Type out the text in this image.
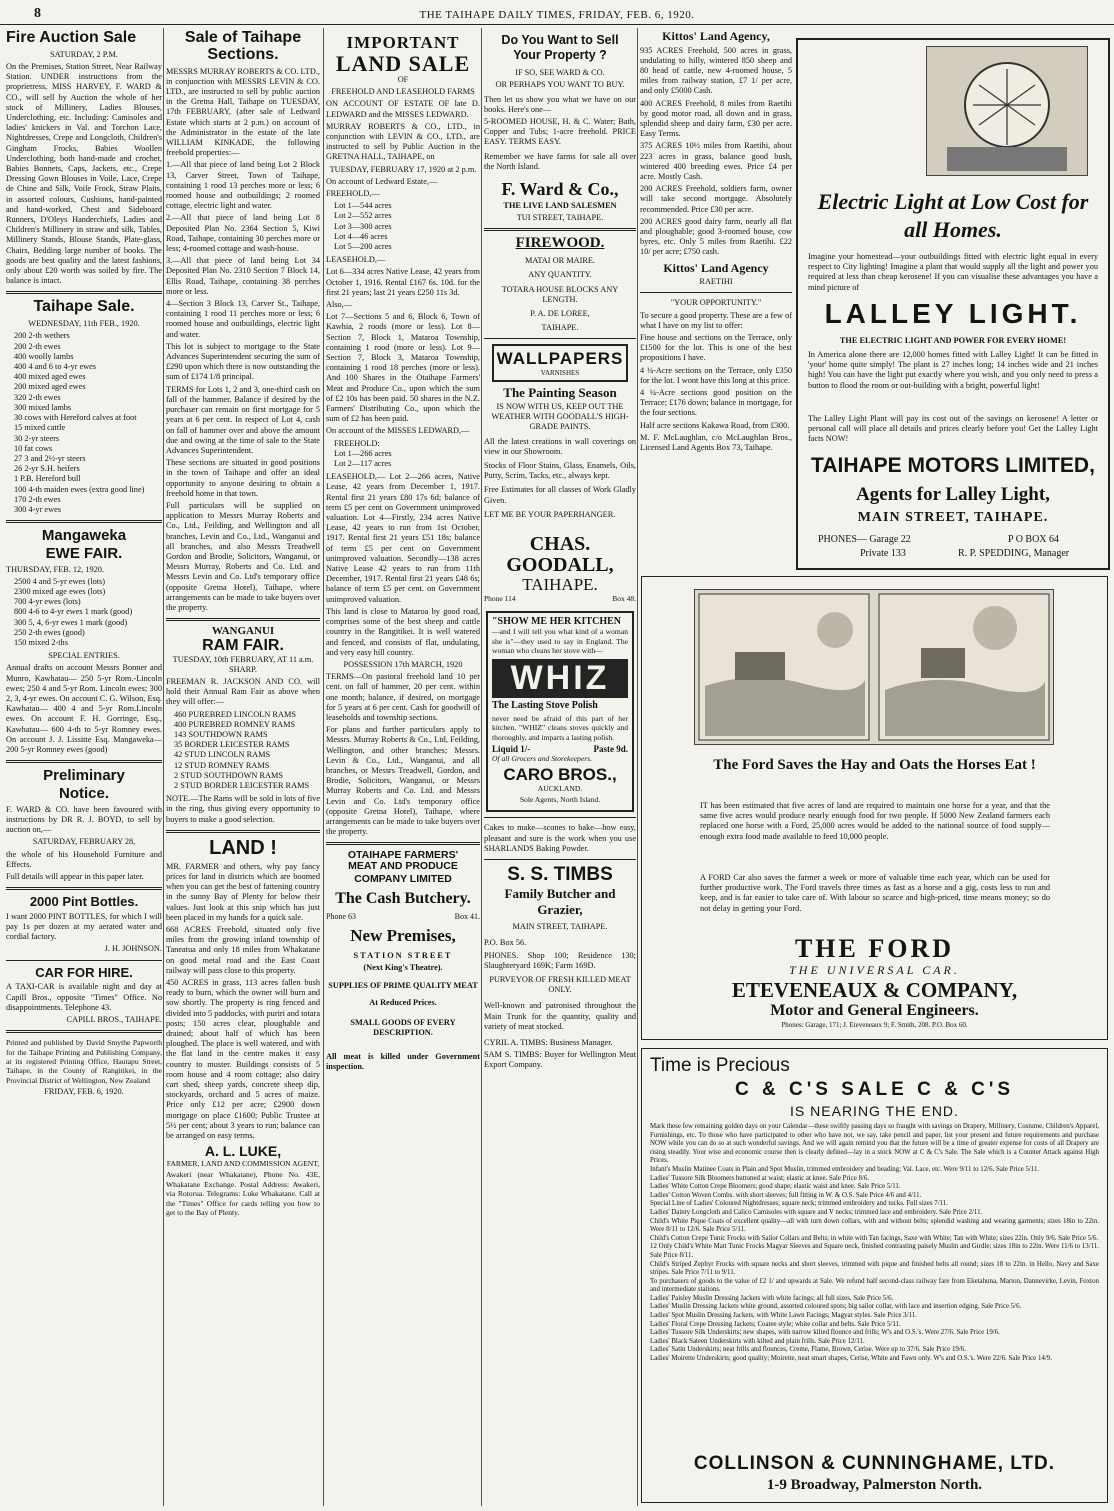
8	THE TAIHAPE DAILY TIMES, FRIDAY, FEB. 6, 1920.
Fire Auction Sale

SATURDAY, 2 P.M.

On the Premises, Station Street, Near Railway Station. UNDER instructions from the proprietress, MISS HARVEY, F. WARD & CO., will sell by Auction the whole of her stock of Millinery, Ladies Blouses, Underclothing, etc. Including: Camisoles and ladies' knickers in Val. and Torchon Lace, Nightdresses, Crepe and Longcloth, Children's Gingham Frocks, Babies Woollen Underclothing, both hand-made and crochet, Babies Bonnets, Caps, Jackets, etc., Crepe Dressing Gown Blouses in Voile, Lace, Crepe de Chine and Silk, Voile Frock, Straw Plaits, in assorted colours, Cushions, hand-painted and hand-worked, Chest and Sideboard Runners, D'Oleys Handerchiefs, Ladies and Children's Millinery in straw and silk, Tables, Millinery Stands, Blouse Stands, Plate-glass, Chairs, Bedding large number of books. The goods are best quality and the latest fashions, only about £20 worth was soiled by fire. The balance is intact.

Taihape Sale.

WEDNESDAY, 11th FEB., 1920.

200 2-th wethers
200 2-th ewes
400 woolly lambs
400 4 and 6 to 4-yr ewes
400 mixed aged ewes
200 mixed aged ewes
320 2-th ewes
300 mixed lambs
30 cows with Hereford calves at foot
15 mixed cattle
30 2-yr steers
10 fat cows
27 3 and 2½-yr steers
26 2-yr S.H. heifers
1 P.B. Hereford bull
100 4-th maiden ewes (extra good line)
170 2-th ewes
300 4-yr ewes
Mangaweka
EWE FAIR.

THURSDAY, FEB. 12, 1920.

2500 4 and 5-yr ewes (lots)
2300 mixed age ewes (lots)
700 4-yr ewes (lots)
800 4-6 to 4-yr ewes 1 mark (good)
300 5, 4, 6-yr ewes 1 mark (good)
250 2-th ewes (good)
150 mixed 2-ths

SPECIAL ENTRIES.

Annual drafts on account Messrs Bonner and Munro, Kawhatau— 250 5-yr Rom.-Lincoln ewes; 250 4 and 5-yr Rom. Lincoln ewes; 300 2, 3, 4-yr ewes. On account C. G. Wilson, Esq. Kawhatau— 400 4 and 5-yr Rom.Lincoln ewes. On account F. H. Gorringe, Esq., Kawhatau— 600 4-th to 5-yr Romney ewes. On account J. J. Lissitte Esq. Mangaweka— 200 5-yr Romney ewes (good)

Preliminary
Notice.

F. WARD & CO. have been favoured with instructions by DR R. J. BOYD, to sell by auction on,—

SATURDAY, FEBRUARY 28,

the whole of his Household Furniture and Effects.

Full details will appear in this paper later.

2000 Pint Bottles.

I want 2000 PINT BOTTLES, for which I will pay 1s per dozen at my aerated water and cordial factory.

J. H. JOHNSON.

CAR FOR HIRE.

A TAXI-CAR is available night and day at Capill Bros., opposite "Times" Office. No disappointments. Telephone 43.

CAPILL BROS., TAIHAPE.

Printed and published by David Smythe Papworth for the Taihape Printing and Publishing Company, at its registered Printing Office, Hautapu Street, Taihape, in the County of Rangitikei, in the Provincial District of Wellington, New Zealand

FRIDAY, FEB. 6, 1920.

Sale of Taihape Sections.

MESSRS MURRAY ROBERTS & CO. LTD., in conjunction with MESSRS LEVIN & CO. LTD., are instructed to sell by public auction in the Gretna Hall, Taihape on TUESDAY, 17th FEBRUARY, (after sale of Ledward Estate which starts at 2 p.m.) on account of the Administrator in the estate of the late WILLIAM KINKADE, the following freehold properties:—

1.—All that piece of land being Lot 2 Block 13, Carver Street, Town of Taihape, containing 1 rood 13 perches more or less; 6 roomed house and outbuildings; 2 roomed cottage, electric light and water.

2.—All that piece of land being Lot 8 Deposited Plan No. 2364 Section 5, Kiwi Road, Taihape, containing 30 perches more or less; 4-roomed cottage and wash-house.

3.—All that piece of land being Lot 34 Deposited Plan No. 2310 Section 7 Block 14, Ellis Road, Taihape, containing 38 perches more or less.

4—Section 3 Block 13, Carver St., Taihape, containing 1 rood 11 perches more or less; 6 roomed house and outbuildings, electric light and water.

This lot is subject to mortgage to the State Advances Superintendent securing the sum of £290 upon which there is now outstanding the sum of £174 1/8 principal.

TERMS for Lots 1, 2 and 3, one-third cash on fall of the hammer. Balance if desired by the purchaser can remain on first mortgage for 5 years at 6 per cent. In respect of Lot 4, cash on fall of hammer over and above the amount due and owing at the time of sale to the State Advances Superintendent.

These sections are situated in good positions in the town of Taihape and offer an ideal opportunity to anyone desiring to obtain a freehold home in that town.

Full particulars will be supplied on application to Messrs Murray Roberts and Co., Ltd., Feilding, and Wellington and all branches, Levin and Co., Ltd., Wanganui and all branches, and also Messrs Treadwell Gordon and Brodie, Solicitors, Wanganui, or Messrs Murray, Roberts and Co. Ltd. and Messrs Levin and Co. Ltd's temporary office (opposite Gretna Hotel), Taihape, where arrangements can be made to take buyers over the property.

WANGANUI
RAM FAIR.

TUESDAY, 10th FEBRUARY, AT 11 a.m. SHARP.

FREEMAN R. JACKSON AND CO. will hold their Annual Ram Fair as above when they will offer:—

460 PUREBRED LINCOLN RAMS
400 PUREBRED ROMNEY RAMS
143 SOUTHDOWN RAMS
35 BORDER LEICESTER RAMS
42 STUD LINCOLN RAMS
12 STUD ROMNEY RAMS
2 STUD SOUTHDOWN RAMS
2 STUD BORDER LEICESTER RAMS

NOTE.—The Rams will be sold in lots of five in the ring, thus giving every opportunity to buyers to make a good selection.

LAND !

MR. FARMER and others, why pay fancy prices for land in districts which are boomed when you can get the best of fattening country in the sunny Bay of Plenty for below their values. Just look at this snip which has just been placed in my hands for a quick sale.

668 ACRES Freehold, situated only five miles from the growing inland township of Taneatua and only 18 miles from Whakatane on good metal road and the East Coast railway will pass close to this property.

450 ACRES in grass, 113 acres fallen bush ready to burn, which the owner will burn and sow shortly. The property is ring fenced and divided into 5 paddocks, with puriri and totara posts; 150 acres clear, ploughable and drained; about half of which has been ploughed. The place is well watered, and with the flat land in the centre makes it easy country to muster. Buildings consists of 5 room house and 4 room cottage; also dairy cart shed, sheep yards, concrete sheep dip, stockyards, orchard and 5 acres of maize. Price only £12 per acre; £2900 down mortgage on place £1600; Public Trustee at 5½ per cent; about 3 years to run; balance can be arranged on easy terms.

A. L. LUKE,

FARMER, LAND AND COMMISSION AGENT,

Awakeri (near Whakatane), Phone No. 43E, Whakatane Exchange. Postal Address: Awakeri, via Rotorua. Telegrams: Luke Whakatane. Call at the "Times" Office for cards telling you how to get to the Bay of Plenty.

IMPORTANT
LAND SALE

OF

FREEHOLD AND LEASEHOLD FARMS

ON ACCOUNT OF ESTATE OF late D. LEDWARD and the MISSES LEDWARD.

MURRAY ROBERTS & CO., LTD., in conjunction with LEVIN & CO., LTD., are instructed to sell by Public Auction in the GRETNA HALL, TAIHAPE, on

TUESDAY, FEBRUARY 17, 1920 at 2 p.m.

On account of Ledward Estate,—

FREEHOLD,—

Lot 1—544 acres
Lot 2—552 acres
Lot 3—300 acres
Lot 4—46 acres
Lot 5—200 acres

LEASEHOLD,—

Lot 6—334 acres Native Lease, 42 years from October 1, 1916. Rental £167 6s. 10d. for the first 21 years; last 21 years £250 11s 3d.

Also,—

Lot 7—Sections 5 and 6, Block 6, Town of Kawhia, 2 roods (more or less). Lot 8—Section 7, Block 1, Mataroa Township, containing 1 rood (more or less). Lot 9—Section 7, Block 3, Mataroa Township, containing 1 rood 18 perches (more or less). And 100 Shares in the Otaihape Farmers' Meat and Produce Co., upon which the sum of £2 10s has been paid. 50 shares in the N.Z. Farmers' Distributing Co., upon which the sum of £2 has been paid.

On account of the MISSES LEDWARD,—

FREEHOLD:
Lot 1—266 acres
Lot 2—117 acres

LEASEHOLD,— Lot 2—266 acres, Native Lease, 42 years from December 1, 1917. Rental first 21 years £80 17s 6d; balance of term £5 per cent on Government unimproved valuation. Lot 4—Firstly, 234 acres Native Lease, 42 years to run from 1st October, 1917. Rental first 21 years £51 18s; balance of term £5 per cent on Government unimproved valuation. Secondly—138 acres Native Lease 42 years to run from 11th December, 1917. Rental first 21 years £48 6s; balance of term £5 per cent. on Government unimproved valuation.

This land is close to Mataroa by good road, comprises some of the best sheep and cattle country in the Rangitikei. It is well watered and fenced, and consists of flat, undulating, and very easy hill country.

POSSESSION 17th MARCH, 1920

TERMS—On pastoral freehold land 10 per cent. on fall of hammer, 20 per cent. within one month; balance, if desired, on mortgage for 5 years at 6 per cent. Cash for goodwill of leaseholds and township sections.

For plans and further particulars apply to Messrs. Murray Roberts & Co., Ltd, Feilding, Wellington, and other branches; Messrs. Levin & Co., Ltd., Wanganui, and all branches, or Messrs Treadwell, Gordon, and Brodie, Solicitors, Wanganui, or Messrs Murray Roberts and Co. Ltd. and Messrs Levin and Co. Ltd's temporary office (opposite Gretna Hotel), Taihape, where arrangements can be made to take buyers over the property.

OTAIHAPE FARMERS'
MEAT AND PRODUCE
COMPANY LIMITED
The Cash Butchery.
Phone 63	Box 41.
New Premises,

STATION STREET

(Next King's Theatre).

SUPPLIES OF PRIME QUALITY MEAT

At Reduced Prices.

SMALL GOODS OF EVERY DESCRIPTION.

All meat is killed under Government inspection.

Do You Want to Sell
Your Property ?

IF SO, SEE WARD & CO.

OR PERHAPS YOU WANT TO BUY.

Then let us show you what we have on our books. Here's one—

5-ROOMED HOUSE, H. & C. Water; Bath, Copper and Tubs; 1-acre freehold. PRICE EASY. TERMS EASY.

Remember we have farms for sale all over the North Island.

F. Ward & Co.,

THE LIVE LAND SALESMEN

TUI STREET, TAIHAPE.

FIREWOOD.

MATAI OR MAIRE.

ANY QUANTITY.

TOTARA HOUSE BLOCKS ANY LENGTH.

P. A. DE LOREE,

TAIHAPE.

WALLPAPERS
VARNISHES
The Painting Season

IS NOW WITH US, KEEP OUT THE WEATHER WITH GOODALL'S HIGH-GRADE PAINTS.

All the latest creations in wall coverings on view in our Showroom.

Stocks of Floor Stains, Glass, Enamels, Oils, Putty, Scrim, Tacks, etc., always kept.

Free Estimates for all classes of Work Gladly Given.

LET ME BE YOUR PAPERHANGER.

CHAS. GOODALL,
TAIHAPE.
Phone 114	Box 48.
"SHOW ME HER KITCHEN

—and I will tell you what kind of a woman she is"—they used to say in England. The woman who cleans her stove with—

WHIZ
The Lasting Stove Polish

never need be afraid of this part of her kitchen. "WHIZ" cleans stoves quickly and thoroughly, and imparts a lasting polish.

Liquid 1/-	Paste 9d.

Of all Grocers and Storekeepers.

CARO BROS.,

AUCKLAND.

Sole Agents, North Island.

Cakes to make—scones to bake—how easy, pleasant and sure is the work when you use SHARLANDS Baking Powder.

S. S. TIMBS
Family Butcher and
Grazier,

MAIN STREET, TAIHAPE.

P.O. Box 56.

PHONES. Shop 100; Residence 130; Slaughteryard 169K; Farm 169D.

PURVEYOR OF FRESH KILLED MEAT ONLY.

Well-known and patronised throughout the Main Trunk for the quantity, quality and variety of meat stocked.

CYRIL A. TIMBS: Business Manager.

SAM S. TIMBS: Buyer for Wellington Meat Export Company.

Kittos' Land Agency,

935 ACRES Freehold, 500 acres in grass, undulating to hilly, wintered 850 sheep and 80 head of cattle, new 4-roomed house, 5 miles from railway station, £7 1/ per acre, and only £5000 Cash.

400 ACRES Freehold, 8 miles from Raetihi by good motor road, all down and in grass, splendid sheep and dairy farm, £30 per acre. Easy Terms.

375 ACRES 10½ miles from Raetihi, about 223 acres in grass, balance good bush, wintered 400 breeding ewes. Price £4 per acre. Mostly Cash.

200 ACRES Freehold, soldiers farm, owner will take second mortgage. Absolutely recommended. Price £30 per acre.

200 ACRES good dairy farm, nearly all flat and ploughable; good 3-roomed house, cow byres, etc. Only 5 miles from Raetihi. £22 10/ per acre; £750 cash.

Kittos' Land Agency

RAETIHI

"YOUR OPPORTUNITY."

To secure a good property. These are a few of what I have on my list to offer:

Fine house and sections on the Terrace, only £1500 for the lot. This is one of the best propositions I have.

4 ¼-Acre sections on the Terrace, only £350 for the lot. I wont have this long at this price.

4 ¼-Acre sections good position on the Terrace; £176 down; balance in mortgage, for the four sections.

Half acre sections Kakawa Road, from £300.

M. F. McLaughlan, c/o McLaughlan Bros., Licensed Land Agents Box 73, Taihape.

Electric Light at Low Cost for all Homes.

Imagine your homestead—your outbuildings fitted with electric light equal in every respect to City lighting! Imagine a plant that would supply all the light and power you required at less than cheap kerosene! If you can visualise these advantages you have a mind picture of

LALLEY LIGHT.

THE ELECTRIC LIGHT AND POWER FOR EVERY HOME!

In America alone there are 12,000 homes fitted with Lalley Light! It can be fitted in 'your' home quite simply! The plant is 27 inches long; 14 inches wide and 21 inches high! You can have the light put exactly where you wish, and you only need to press a button to flood the room or out-building with a bright, powerful light!

The Lalley Light Plant will pay its cost out of the savings on kerosene! A letter or personal call will place all details and prices clearly before you! Get the Lalley Light facts NOW!

TAIHAPE MOTORS LIMITED,
Agents for Lalley Light,
MAIN STREET, TAIHAPE.
PHONES— Garage 22	P O BOX 64
Private 133	R. P. SPEDDING, Manager
The Ford Saves the Hay and Oats the Horses Eat !

IT has been estimated that five acres of land are required to maintain one horse for a year, and that the same five acres would produce nearly enough food for two people. If 5000 New Zealand farmers each replaced one horse with a Ford, 25,000 acres would be added to the national source of food supply—enough extra food made available to feed 10,000 people.

A FORD Car also saves the farmer a week or more of valuable time each year, which can be used for further productive work. The Ford travels three times as fast as a horse and a gig, costs less to run and keep, and is far easier to take care of. With labour so scarce and high-priced, time means money; so do not delay in getting your Ford.

THE FORD
THE UNIVERSAL CAR.
ETEVENEAUX & COMPANY,
Motor and General Engineers.
Phones: Garage, 171; J. Eteveneaux 9; F. Smith, 208. P.O. Box 60.
Time is Precious
C & C'S SALE C & C'S
IS NEARING THE END.
Mark these few remaining golden days on your Calendar—these swiftly passing days so fraught with savings on Drapery, Millinery, Costume, Children's Apparel, Furnishings, etc. To those who have participated to other who have not, we say, take pencil and paper, list your present and future requirements and purchase NOW while you can do so at such wonderful savings. And we will again remind you that the future will be a time of greater expense for costs of all Drapery are rising steadily. Your wise and economic course then is clearly defined—lay in a stock NOW at C & C's Sale. The Sale which is a Counter Attack against High Prices.
Infant's Muslin Matinee Coats in Plain and Spot Muslin, trimmed embroidery and beading; Val. Lace, etc. Were 9/11 to 12/6. Sale Price 5/11.
Ladies' Tussore Silk Bloomers buttoned at waist; elastic at knee. Sale Price 8/6.
Ladies' White Cotton Crepe Bloomers; good shape; elastic waist and knee. Sale Price 5/11.
Ladies' Cotton Woven Combs. with short sleeves; full fitting in W. & O.S. Sale Price 4/6 and 4/11.
Special Line of Ladies' Coloured Nightdresses; square neck; trimmed embroidery and tucks. Full sizes 7/11.
Ladies' Dainty Longcloth and Calico Camisoles with square and V necks; trimmed lace and embroidery. Sale Price 2/11.
Child's White Pique Coats of excellent quality—all with turn down collars, with and without belts; splendid washing and wearing garments; sizes 18in to 22in. Were 8/11 to 12/6. Sale Price 5/11.
Child's Cotton Crepe Tunic Frocks with Sailor Collars and Belts; in white with Tan facings, Saxe with White; Tan with White; sizes 22in. Only 9/6. Sale Price 5/6.
12 Only Child's White Matt Tunic Frocks Magyar Sleeves and Square neck, finished contrasting paisely Muslin and Girdle; sizes 18in to 22in. Were 11/6 to 13/11. Sale Price 8/11.
Child's Striped Zephyr Frocks with square necks and short sleeves, trimmed with pique and finished belts all round; sizes 18 to 22in. in Hello, Navy and Saxe stripes. Sale Price 7/11 to 9/11.
To purchasers of goods to the value of £2 1/ and upwards at Sale. We refund half second-class railway fare from Eketahuna, Marton, Dannevirke, Levin, Foxton and intermediate stations.
Ladies' Paisley Muslin Dressing Jackets with white facings; all full sizes. Sale Price 5/6.
Ladies' Muslin Dressing Jackets white ground, assorted coloured spots; big sailor collar, with lace and insertion edging. Sale Price 5/6.
Ladies' Spot Muslin Dressing Jackets, with White Lawn Facings; Magyar styles. Sale Price 3/11.
Ladies' Floral Crepe Dressing Jackets; Coatee style; white collar and belts. Sale Price 5/11.
Ladies' Tussore Silk Underskirts; new shapes, with narrow kilted flounce and frills; W's and O.S.'s. Were 27/6. Sale Price 19/6.
Ladies' Black Sateen Underskirts with kilted and plain frills. Sale Price 12/11.
Ladies' Satin Underskirts; neat frills and flounces, Creme, Flame, Brown, Cerise. Were up to 37/6. Sale Price 19/6.
Ladies' Moirette Underskirts; good quality; Moirette, neat smart shapes, Cerise, White and Fawn only. W's and O.S.'s. Were 22/6. Sale Price 14/9.
COLLINSON & CUNNINGHAME, LTD.
1-9 Broadway, Palmerston North.
